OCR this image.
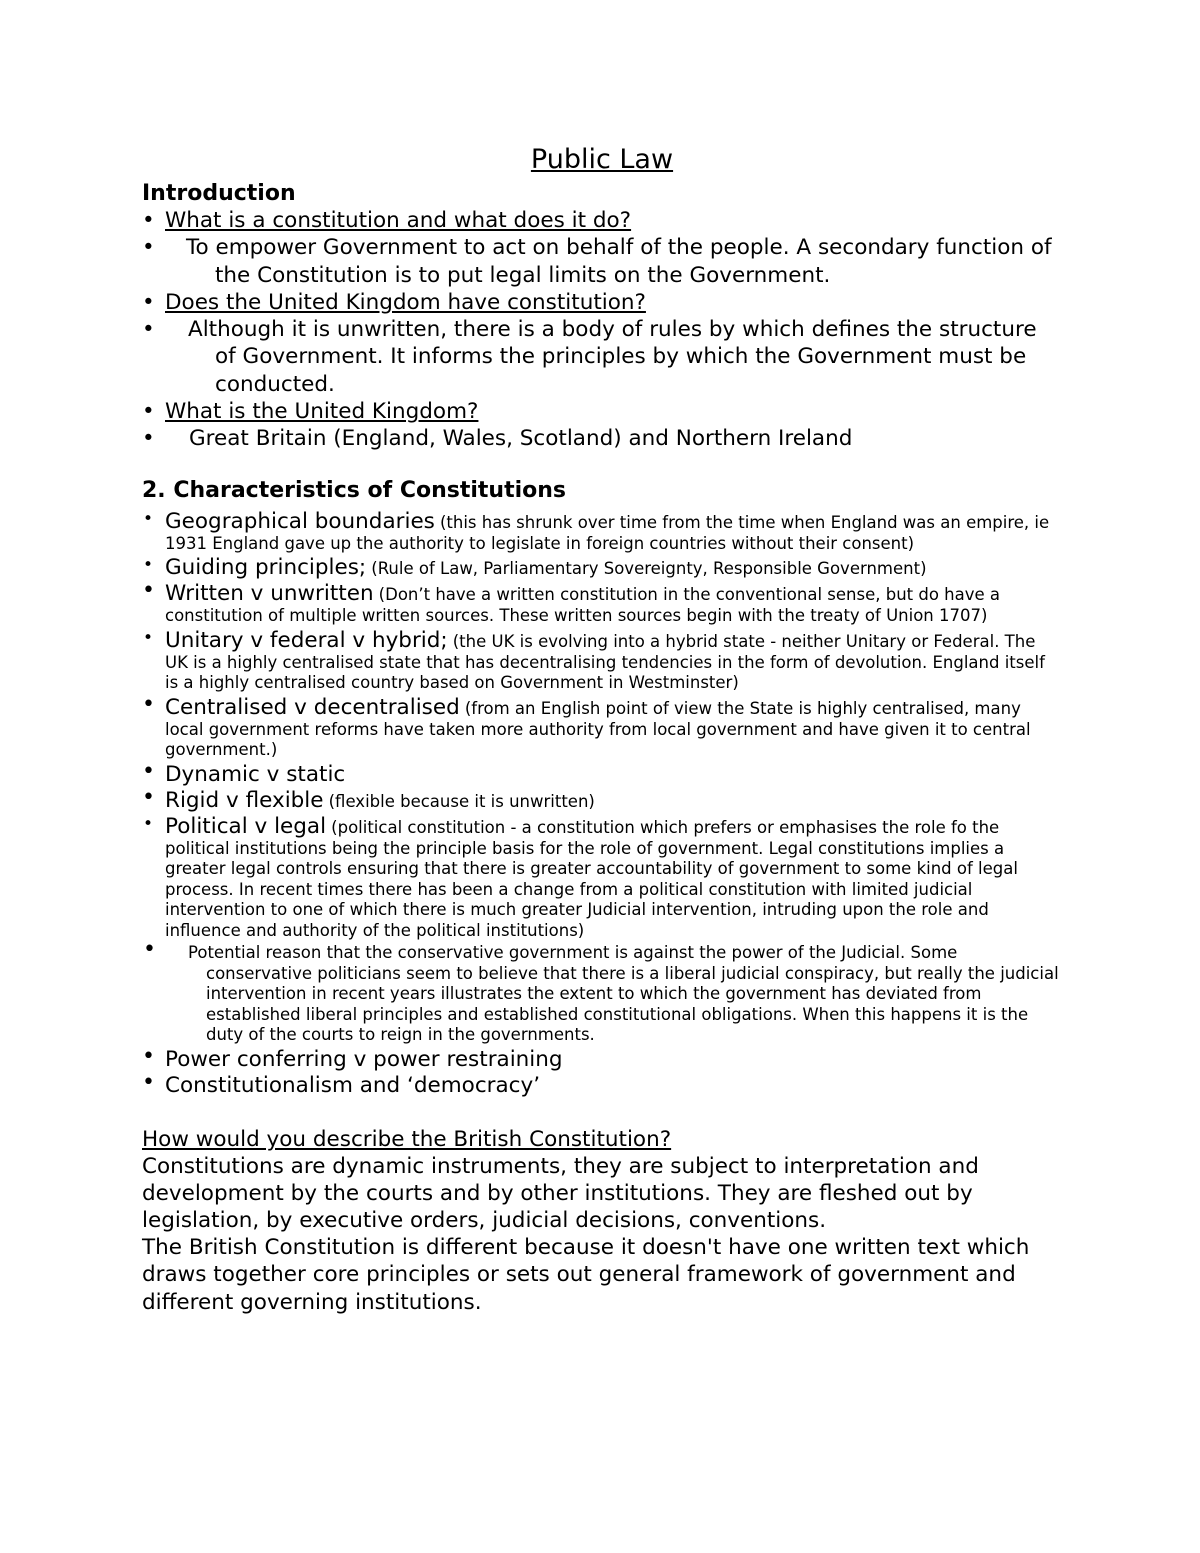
Public Law
Introduction
• What is a constitution and what does it do?
• To empower Government to act on behalf of the people. A secondary function of the Constitution is to put legal limits on the Government.
• Does the United Kingdom have constitution?
• Although it is unwritten, there is a body of rules by which defines the structure of Government. It informs the principles by which the Government must be conducted.
• What is the United Kingdom?
• Great Britain (England, Wales, Scotland) and Northern Ireland
2. Characteristics of Constitutions
• Geographical boundaries (this has shrunk over time from the time when England was an empire, ie 1931 England gave up the authority to legislate in foreign countries without their consent)
• Guiding principles; (Rule of Law, Parliamentary Sovereignty, Responsible Government)
• Written v unwritten (Don’t have a written constitution in the conventional sense, but do have a constitution of multiple written sources. These written sources begin with the treaty of Union 1707)
• Unitary v federal v hybrid; (the UK is evolving into a hybrid state - neither Unitary or Federal. The UK is a highly centralised state that has decentralising tendencies in the form of devolution. England itself is a highly centralised country based on Government in Westminster)
• Centralised v decentralised (from an English point of view the State is highly centralised, many local government reforms have taken more authority from local government and have given it to central government.)
• Dynamic v static
• Rigid v flexible (flexible because it is unwritten)
• Political v legal (political constitution - a constitution which prefers or emphasises the role fo the political institutions being the principle basis for the role of government. Legal constitutions implies a greater legal controls ensuring that there is greater accountability of government to some kind of legal process. In recent times there has been a change from a political constitution with limited judicial intervention to one of which there is much greater Judicial intervention, intruding upon the role and influence and authority of the political institutions)
• Potential reason that the conservative government is against the power of the Judicial. Some conservative politicians seem to believe that there is a liberal judicial conspiracy, but really the judicial intervention in recent years illustrates the extent to which the government has deviated from established liberal principles and established constitutional obligations. When this happens it is the duty of the courts to reign in the governments.
• Power conferring v power restraining
• Constitutionalism and ‘democracy’
How would you describe the British Constitution?

Constitutions are dynamic instruments, they are subject to interpretation and development by the courts and by other institutions. They are fleshed out by legislation, by executive orders, judicial decisions, conventions.

The British Constitution is different because it doesn't have one written text which draws together core principles or sets out general framework of government and different governing institutions.
